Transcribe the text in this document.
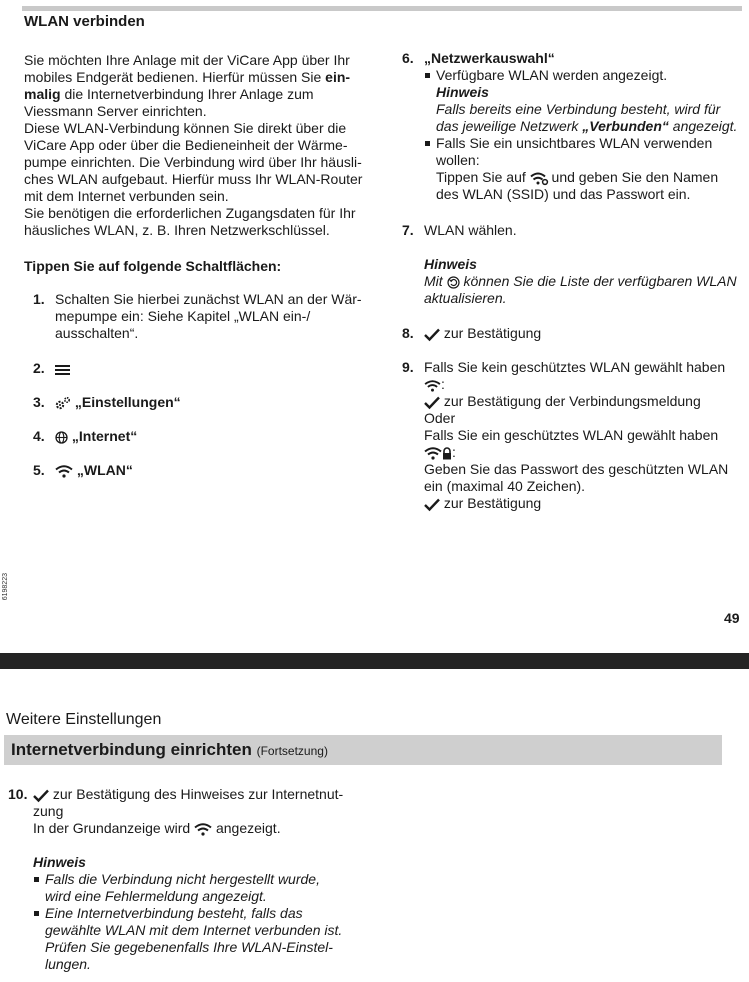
WLAN verbinden
Sie möchten Ihre Anlage mit der ViCare App über Ihr
mobiles Endgerät bedienen. Hierfür müssen Sie ein-
malig die Internetverbindung Ihrer Anlage zum
Viessmann Server einrichten.
Diese WLAN-Verbindung können Sie direkt über die
ViCare App oder über die Bedieneinheit der Wärme-
pumpe einrichten. Die Verbindung wird über Ihr häusli-
ches WLAN aufgebaut. Hierfür muss Ihr WLAN-Router
mit dem Internet verbunden sein.
Sie benötigen die erforderlichen Zugangsdaten für Ihr
häusliches WLAN, z. B. Ihren Netzwerkschlüssel.
Tippen Sie auf folgende Schaltflächen:
1. Schalten Sie hierbei zunächst WLAN an der Wär-
mepumpe ein: Siehe Kapitel „WLAN ein-/
ausschalten“.
2.
3.	„Einstellungen“
4.	„Internet“
5.	„WLAN“
6. „Netzwerkauswahl“
Verfügbare WLAN werden angezeigt.
Hinweis
Falls bereits eine Verbindung besteht, wird für
das jeweilige Netzwerk „Verbunden“ angezeigt.
Falls Sie ein unsichtbares WLAN verwenden
wollen:
Tippen Sie auf  und geben Sie den Namen
des WLAN (SSID) und das Passwort ein.
7. WLAN wählen.
Hinweis
Mit  können Sie die Liste der verfügbaren WLAN
aktualisieren.
8.	zur Bestätigung
9. Falls Sie kein geschütztes WLAN gewählt haben
:
zur Bestätigung der Verbindungsmeldung
Oder
Falls Sie ein geschütztes WLAN gewählt haben
:
Geben Sie das Passwort des geschützten WLAN
ein (maximal 40 Zeichen).
zur Bestätigung
6198223
49
Weitere Einstellungen
Internetverbindung einrichten (Fortsetzung)
10.	zur Bestätigung des Hinweises zur Internetnut-
zung
In der Grundanzeige wird  angezeigt.
Hinweis
Falls die Verbindung nicht hergestellt wurde,
wird eine Fehlermeldung angezeigt.
Eine Internetverbindung besteht, falls das
gewählte WLAN mit dem Internet verbunden ist.
Prüfen Sie gegebenenfalls Ihre WLAN-Einstel-
lungen.
